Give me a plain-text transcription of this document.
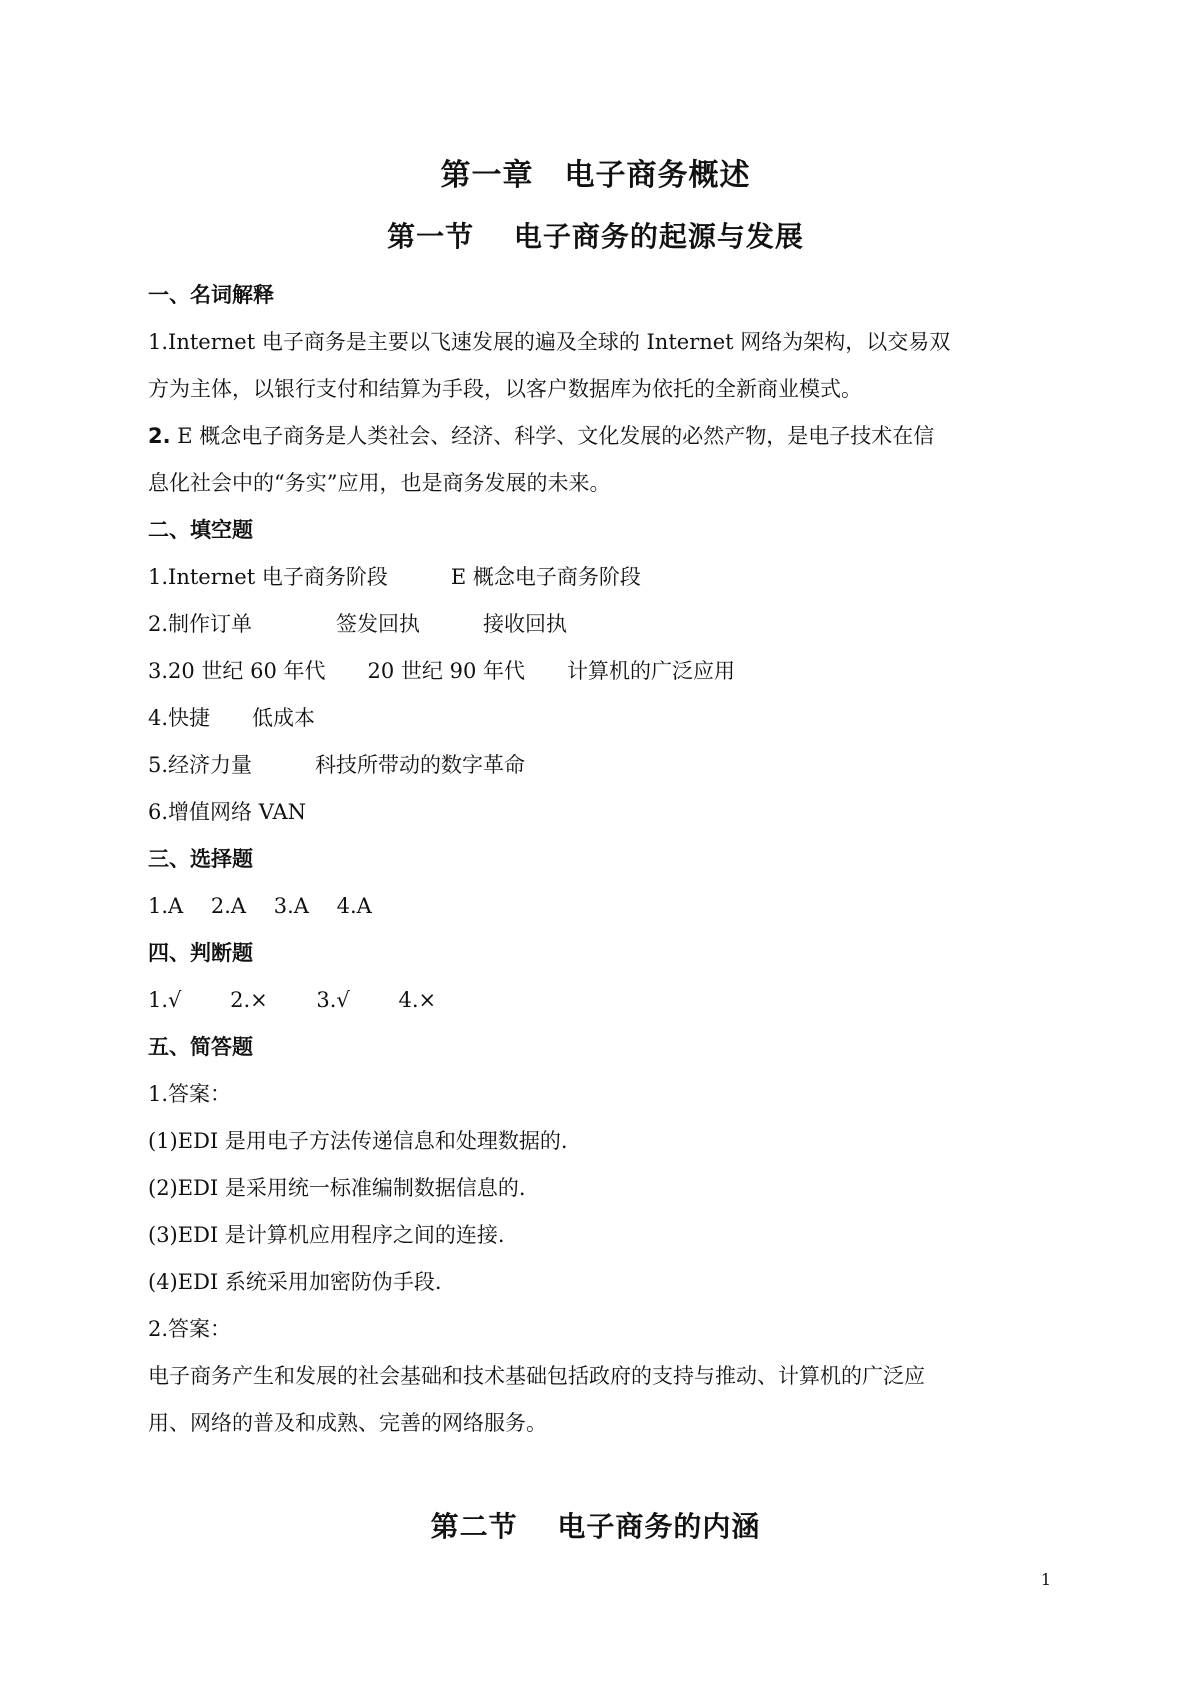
第一章　电子商务概述
第一节　 电子商务的起源与发展

一、名词解释

1.Internet 电子商务是主要以飞速发展的遍及全球的 Internet 网络为架构，以交易双

方为主体，以银行支付和结算为手段，以客户数据库为依托的全新商业模式。

2. E 概念电子商务是人类社会、经济、科学、文化发展的必然产物，是电子技术在信

息化社会中的“务实”应用，也是商务发展的未来。

二、填空题

1.Internet 电子商务阶段　　　E 概念电子商务阶段

2.制作订单　　　　签发回执　　　接收回执

3.20 世纪 60 年代　　20 世纪 90 年代　　计算机的广泛应用

4.快捷　　低成本

5.经济力量　　　科技所带动的数字革命

6.增值网络 VAN

三、选择题

1.A　 2.A　 3.A　 4.A

四、判断题

1.√　　 2.×　　 3.√　　 4.×

五、简答题

1.答案：

(1)EDI 是用电子方法传递信息和处理数据的.

(2)EDI 是采用统一标准编制数据信息的.

(3)EDI 是计算机应用程序之间的连接.

(4)EDI 系统采用加密防伪手段.

2.答案：

电子商务产生和发展的社会基础和技术基础包括政府的支持与推动、计算机的广泛应

用、网络的普及和成熟、完善的网络服务。

第二节　 电子商务的内涵
1
